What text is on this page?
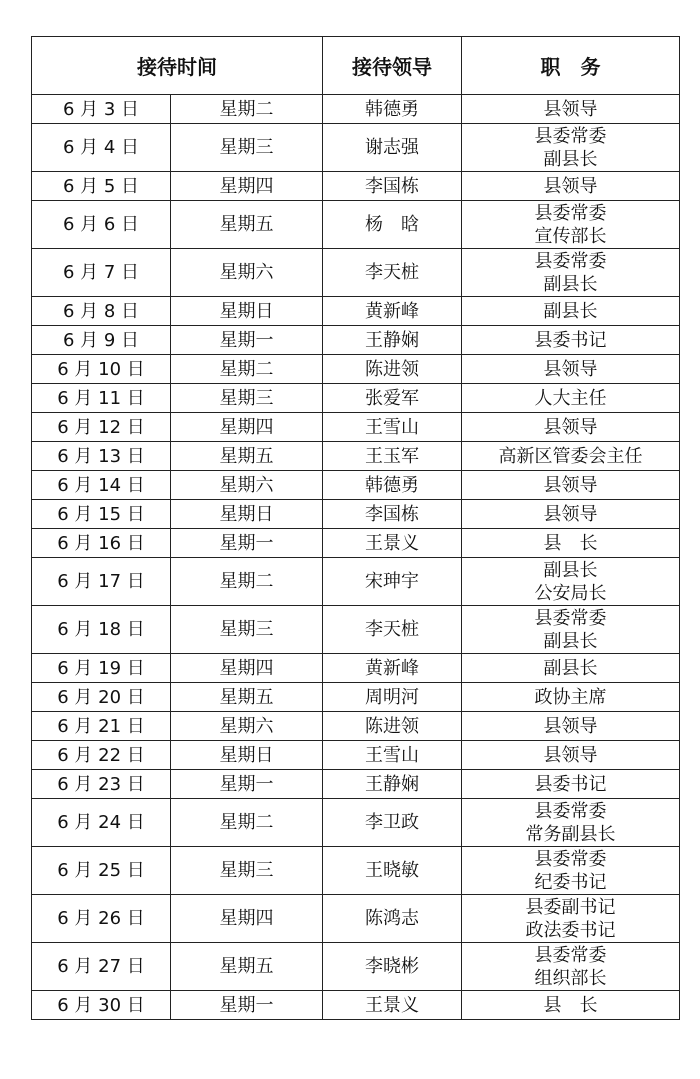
接待时间		接待领导	职　务
6 月 3 日	星期二	韩德勇	县领导
6 月 4 日	星期三	谢志强	县委常委
副县长
6 月 5 日	星期四	李国栋	县领导
6 月 6 日	星期五	杨　晗	县委常委
宣传部长
6 月 7 日	星期六	李天桩	县委常委
副县长
6 月 8 日	星期日	黄新峰	副县长
6 月 9 日	星期一	王静娴	县委书记
6 月 10 日	星期二	陈进领	县领导
6 月 11 日	星期三	张爱军	人大主任
6 月 12 日	星期四	王雪山	县领导
6 月 13 日	星期五	王玉军	高新区管委会主任
6 月 14 日	星期六	韩德勇	县领导
6 月 15 日	星期日	李国栋	县领导
6 月 16 日	星期一	王景义	县　长
6 月 17 日	星期二	宋珅宇	副县长
公安局长
6 月 18 日	星期三	李天桩	县委常委
副县长
6 月 19 日	星期四	黄新峰	副县长
6 月 20 日	星期五	周明河	政协主席
6 月 21 日	星期六	陈进领	县领导
6 月 22 日	星期日	王雪山	县领导
6 月 23 日	星期一	王静娴	县委书记
6 月 24 日	星期二	李卫政	县委常委
常务副县长
6 月 25 日	星期三	王晓敏	县委常委
纪委书记
6 月 26 日	星期四	陈鸿志	县委副书记
政法委书记
6 月 27 日	星期五	李晓彬	县委常委
组织部长
6 月 30 日	星期一	王景义	县　长
